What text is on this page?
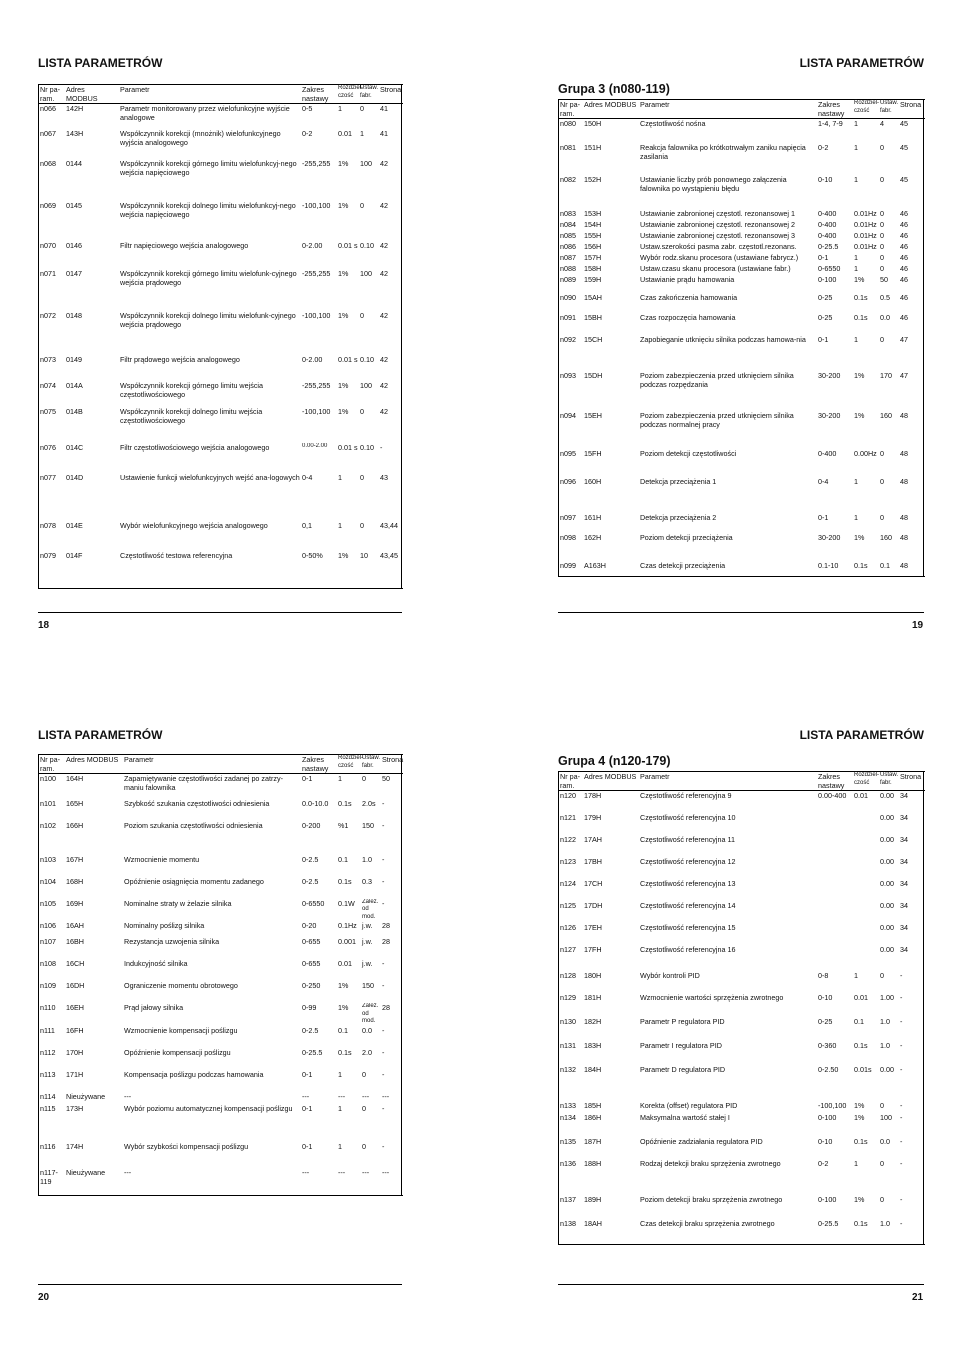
LISTA PARAMETRÓW
Nr pa-ram.	Adres MODBUS	Parametr	Zakres nastawy	Rozdziel-czość	Ustaw. fabr.	Strona
n066	142H	Parametr monitorowany przez wielofunkcyjne wyjście analogowe	0-5	1	0	41
n067	143H	Współczynnik korekcji (mnożnik) wielofunkcyjnego wyjścia analogowego	0-2	0.01	1	41
n068	0144	Współczynnik korekcji górnego limitu wielofunkcyj-nego wejścia napięciowego	-255,255	1%	100	42
n069	0145	Współczynnik korekcji dolnego limitu wielofunkcyj-nego wejścia napięciowego	-100,100	1%	0	42
n070	0146	Filtr napięciowego wejścia analogowego	0-2.00	0.01 s	0.10	42
n071	0147	Współczynnik korekcji górnego limitu wielofunk-cyjnego wejścia prądowego	-255,255	1%	100	42
n072	0148	Współczynnik korekcji dolnego limitu wielofunk-cyjnego wejścia prądowego	-100,100	1%	0	42
n073	0149	Filtr prądowego wejścia analogowego	0-2.00	0.01 s	0.10	42
n074	014A	Współczynnik korekcji górnego limitu wejścia częstotliwościowego	-255,255	1%	100	42
n075	014B	Współczynnik korekcji dolnego limitu wejścia częstotliwościowego	-100,100	1%	0	42
n076	014C	Filtr częstotliwościowego wejścia analogowego	0.00-2.00	0.01 s	0.10	-
n077	014D	Ustawienie funkcji wielofunkcyjnych wejść ana-logowych	0-4	1	0	43
n078	014E	Wybór wielofunkcyjnego wejścia analogowego	0,1	1	0	43,44
n079	014F	Częstotliwość testowa referencyjna	0-50%	1%	10	43,45
18
LISTA PARAMETRÓW
Grupa 3 (n080-119)
Nr pa-ram.	Adres MODBUS	Parametr	Zakres nastawy	Rozdziel-czość	Ustaw. fabr.	Strona
n080	150H	Częstotliwość nośna	1-4, 7-9	1	4	45
n081	151H	Reakcja falownika po krótkotrwałym zaniku napięcia zasilania	0-2	1	0	45
n082	152H	Ustawianie liczby prób ponownego załączenia falownika po wystąpieniu błędu	0-10	1	0	45
n083	153H	Ustawianie zabronionej częstotl. rezonansowej 1	0-400	0.01Hz	0	46
n084	154H	Ustawianie zabronionej częstotl. rezonansowej 2	0-400	0.01Hz	0	46
n085	155H	Ustawianie zabronionej częstotl. rezonansowej 3	0-400	0.01Hz	0	46
n086	156H	Ustaw.szerokości pasma zabr. częstotl.rezonans.	0-25.5	0.01Hz	0	46
n087	157H	Wybór rodz.skanu procesora (ustawiane fabrycz.)	0-1	1	0	46
n088	158H	Ustaw.czasu skanu procesora (ustawiane fabr.)	0-6550	1	0	46
n089	159H	Ustawianie prądu hamowania	0-100	1%	50	46
n090	15AH	Czas zakończenia hamowania	0-25	0.1s	0.5	46
n091	15BH	Czas rozpoczęcia hamowania	0-25	0.1s	0.0	46
n092	15CH	Zapobieganie utknięciu silnika podczas hamowa-nia	0-1	1	0	47
n093	15DH	Poziom zabezpieczenia przed utknięciem silnika podczas rozpędzania	30-200	1%	170	47
n094	15EH	Poziom zabezpieczenia przed utknięciem silnika podczas normalnej pracy	30-200	1%	160	48
n095	15FH	Poziom detekcji częstotliwości	0-400	0.00Hz	0	48
n096	160H	Detekcja przeciążenia 1	0-4	1	0	48
n097	161H	Detekcja przeciążenia 2	0-1	1	0	48
n098	162H	Poziom detekcji przeciążenia	30-200	1%	160	48
n099	A163H	Czas detekcji przeciążenia	0.1-10	0.1s	0.1	48
19
LISTA PARAMETRÓW
Nr pa-ram.	Adres MODBUS	Parametr	Zakres nastawy	Rozdziel-czość	Ustaw. fabr.	Strona
n100	164H	Zapamiętywanie częstotliwości zadanej po zatrzy-maniu falownika	0-1	1	0	50
n101	165H	Szybkość szukania częstotliwości odniesienia	0.0-10.0	0.1s	2.0s	-
n102	166H	Poziom szukania częstotliwości odniesienia	0-200	%1	150	-
n103	167H	Wzmocnienie momentu	0-2.5	0.1	1.0	-
n104	168H	Opóźnienie osiągnięcia momentu zadanego	0-2.5	0.1s	0.3	-
n105	169H	Nominalne straty w żelazie silnika	0-6550	0.1W	Zależ. od mod.	-
n106	16AH	Nominalny poślizg silnika	0-20	0.1Hz	j.w.	28
n107	16BH	Rezystancja uzwojenia silnika	0-655	0.001	j.w.	28
n108	16CH	Indukcyjność silnika	0-655	0.01	j.w.	-
n109	16DH	Ograniczenie momentu obrotowego	0-250	1%	150	-
n110	16EH	Prąd jałowy silnika	0-99	1%	Zależ. od mod.	28
n111	16FH	Wzmocnienie kompensacji poślizgu	0-2.5	0.1	0.0	-
n112	170H	Opóźnienie kompensacji poślizgu	0-25.5	0.1s	2.0	-
n113	171H	Kompensacja poślizgu podczas hamowania	0-1	1	0	-
n114	Nieużywane	---	---	---	---	---
n115	173H	Wybór poziomu automatycznej kompensacji poślizgu	0-1	1	0	-
n116	174H	Wybór szybkości kompensacji poślizgu	0-1	1	0	-
n117-119	Nieużywane	---	---	---	---	---
20
LISTA PARAMETRÓW
Grupa 4 (n120-179)
Nr pa-ram.	Adres MODBUS	Parametr	Zakres nastawy	Rozdziel-czość	Ustaw. fabr.	Strona
n120	178H	Częstotliwość referencyjna 9	0.00-400	0.01	0.00	34
n121	179H	Częstotliwość referencyjna 10			0.00	34
n122	17AH	Częstotliwość referencyjna 11			0.00	34
n123	17BH	Częstotliwość referencyjna 12			0.00	34
n124	17CH	Częstotliwość referencyjna 13			0.00	34
n125	17DH	Częstotliwość referencyjna 14			0.00	34
n126	17EH	Częstotliwość referencyjna 15			0.00	34
n127	17FH	Częstotliwość referencyjna 16			0.00	34
n128	180H	Wybór kontroli PID	0-8	1	0	-
n129	181H	Wzmocnienie wartości sprzężenia zwrotnego	0-10	0.01	1.00	-
n130	182H	Parametr P regulatora PID	0-25	0.1	1.0	-
n131	183H	Parametr I regulatora PID	0-360	0.1s	1.0	-
n132	184H	Parametr D regulatora PID	0-2.50	0.01s	0.00	-
n133	185H	Korekta (offset) regulatora PID	-100,100	1%	0	-
n134	186H	Maksymalna wartość stałej I	0-100	1%	100	-
n135	187H	Opóźnienie zadziałania regulatora PID	0-10	0.1s	0.0	-
n136	188H	Rodzaj detekcji braku sprzężenia zwrotnego	0-2	1	0	-
n137	189H	Poziom detekcji braku sprzężenia zwrotnego	0-100	1%	0	-
n138	18AH	Czas detekcji braku sprzężenia zwrotnego	0-25.5	0.1s	1.0	-
21
